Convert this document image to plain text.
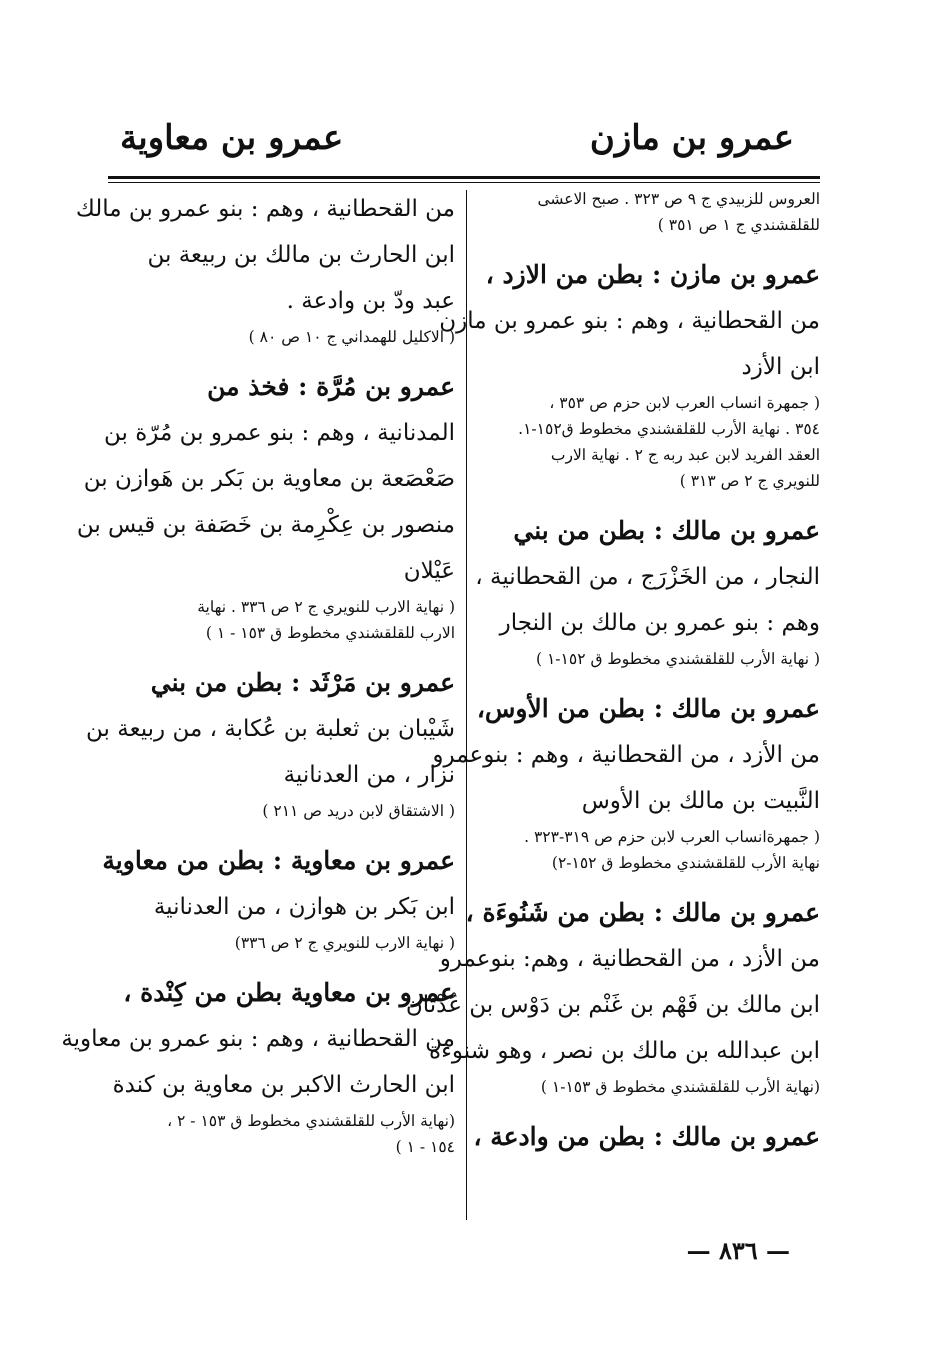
عمرو بن مازن
عمرو بن معاوية
العروس للزبيدي ج ٩ ص ٣٢٣ . صبح الاعشى
للقلقشندي ج ١ ص ٣٥١ )
عمرو بن مازن : بطن من الازد ،
من القحطانية ، وهم : بنو عمرو بن مازن
ابن الأزد
( جمهرة انساب العرب لابن حزم ص ٣٥٣ ،
٣٥٤ . نهاية الأرب للقلقشندي مخطوط ق١٥٢-١.
العقد الفريد لابن عبد ربه ج ٢ . نهاية الارب
للنويري ج ٢ ص ٣١٣ )
عمرو بن مالك : بطن من بني
النجار ، من الخَزْرَج ، من القحطانية ،
وهم : بنو عمرو بن مالك بن النجار
( نهاية الأرب للقلقشندي مخطوط ق ١٥٢-١ )
عمرو بن مالك : بطن من الأوس،
من الأزد ، من القحطانية ، وهم : بنوعمرو
النَّبيت بن مالك بن الأوس
( جمهرةانساب العرب لابن حزم ص ٣١٩-٣٢٣ .
نهاية الأرب للقلقشندي مخطوط ق ١٥٢-٢)
عمرو بن مالك : بطن من شَنُوءَة ،
من الأزد ، من القحطانية ، وهم: بنوعمرو
ابن مالك بن فَهْم بن غَنْم بن دَوْس بن عُدْثان
ابن عبدالله بن مالك بن نصر ، وهو شنوءة
(نهاية الأرب للقلقشندي مخطوط ق ١٥٣-١ )
عمرو بن مالك : بطن من وادعة ،
من القحطانية ، وهم : بنو عمرو بن مالك
ابن الحارث بن مالك بن ربيعة بن
عبد ودّ بن وادعة .
( الاكليل للهمداني ج ١٠ ص ٨٠ )
عمرو بن مُرَّة : فخذ من
المدنانية ، وهم : بنو عمرو بن مُرّة بن
صَعْصَعة بن معاوية بن بَكر بن هَوازن بن
منصور بن عِكْرِمة بن خَصَفة بن قيس بن
عَيْلان
( نهاية الارب للنويري ج ٢ ص ٣٣٦ . نهاية
الارب للقلقشندي مخطوط ق ١٥٣ - ١ )
عمرو بن مَرْثَد : بطن من بني
شَيْبان بن ثعلبة بن عُكابة ، من ربيعة بن
نزار ، من العدنانية
( الاشتقاق لابن دريد ص ٢١١ )
عمرو بن معاوية : بطن من معاوية
ابن بَكر بن هوازن ، من العدنانية
( نهاية الارب للنويري ج ٢ ص ٣٣٦)
عمرو بن معاوية بطن من كِنْدة ،
من القحطانية ، وهم : بنو عمرو بن معاوية
ابن الحارث الاكبر بن معاوية بن كندة
(نهاية الأرب للقلقشندي مخطوط ق ١٥٣ - ٢ ،
١٥٤ - ١ )
— ٨٣٦ —
